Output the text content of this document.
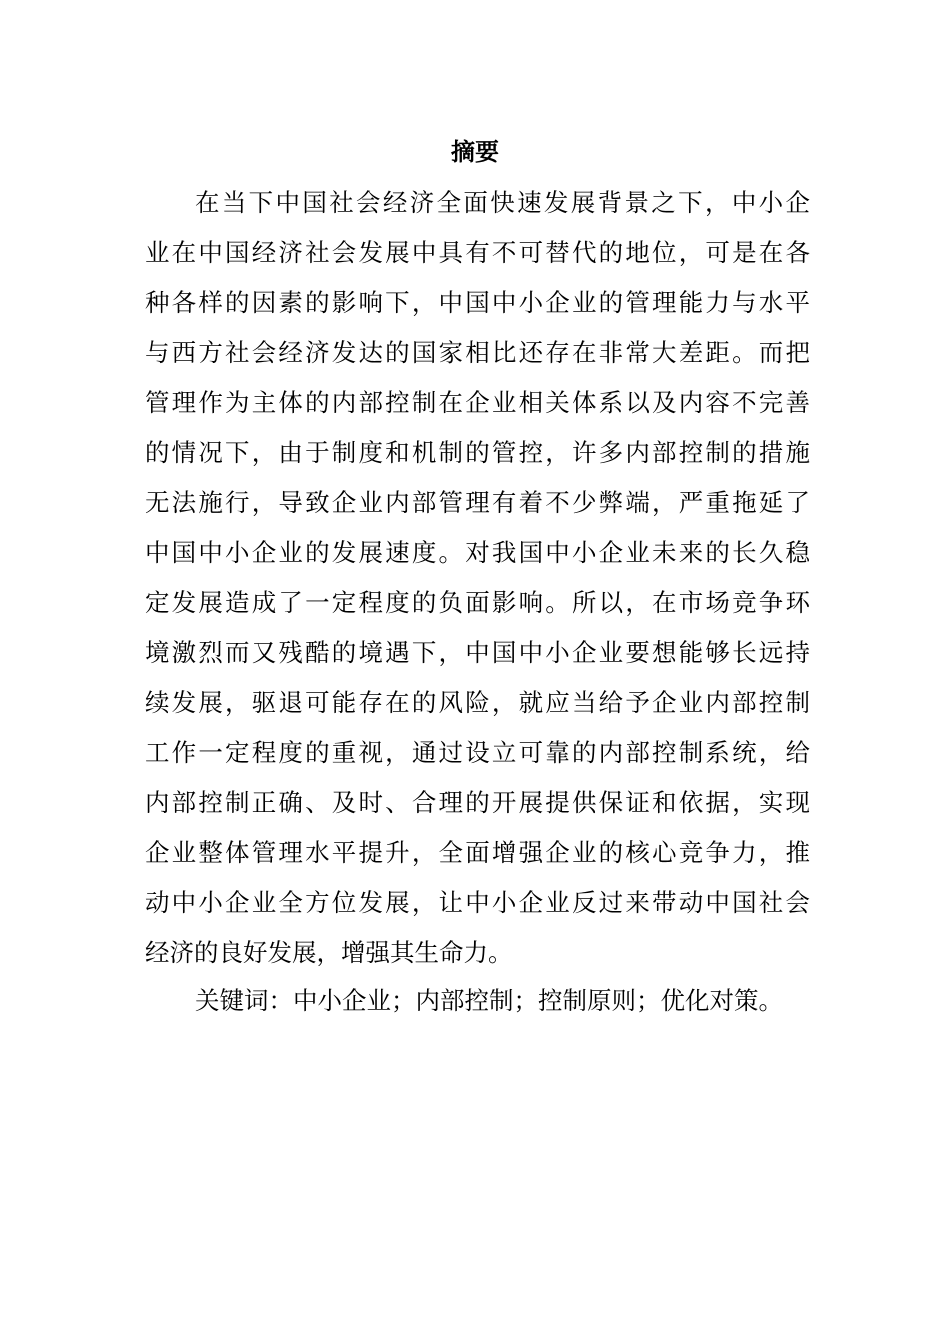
摘要
在当下中国社会经济全面快速发展背景之下，中小企
业在中国经济社会发展中具有不可替代的地位，可是在各
种各样的因素的影响下，中国中小企业的管理能力与水平
与西方社会经济发达的国家相比还存在非常大差距。而把
管理作为主体的内部控制在企业相关体系以及内容不完善
的情况下，由于制度和机制的管控，许多内部控制的措施
无法施行，导致企业内部管理有着不少弊端，严重拖延了
中国中小企业的发展速度。对我国中小企业未来的长久稳
定发展造成了一定程度的负面影响。所以，在市场竞争环
境激烈而又残酷的境遇下，中国中小企业要想能够长远持
续发展，驱退可能存在的风险，就应当给予企业内部控制
工作一定程度的重视，通过设立可靠的内部控制系统，给
内部控制正确、及时、合理的开展提供保证和依据，实现
企业整体管理水平提升，全面增强企业的核心竞争力，推
动中小企业全方位发展，让中小企业反过来带动中国社会
经济的良好发展，增强其生命力。
关键词：中小企业；内部控制；控制原则；优化对策。
